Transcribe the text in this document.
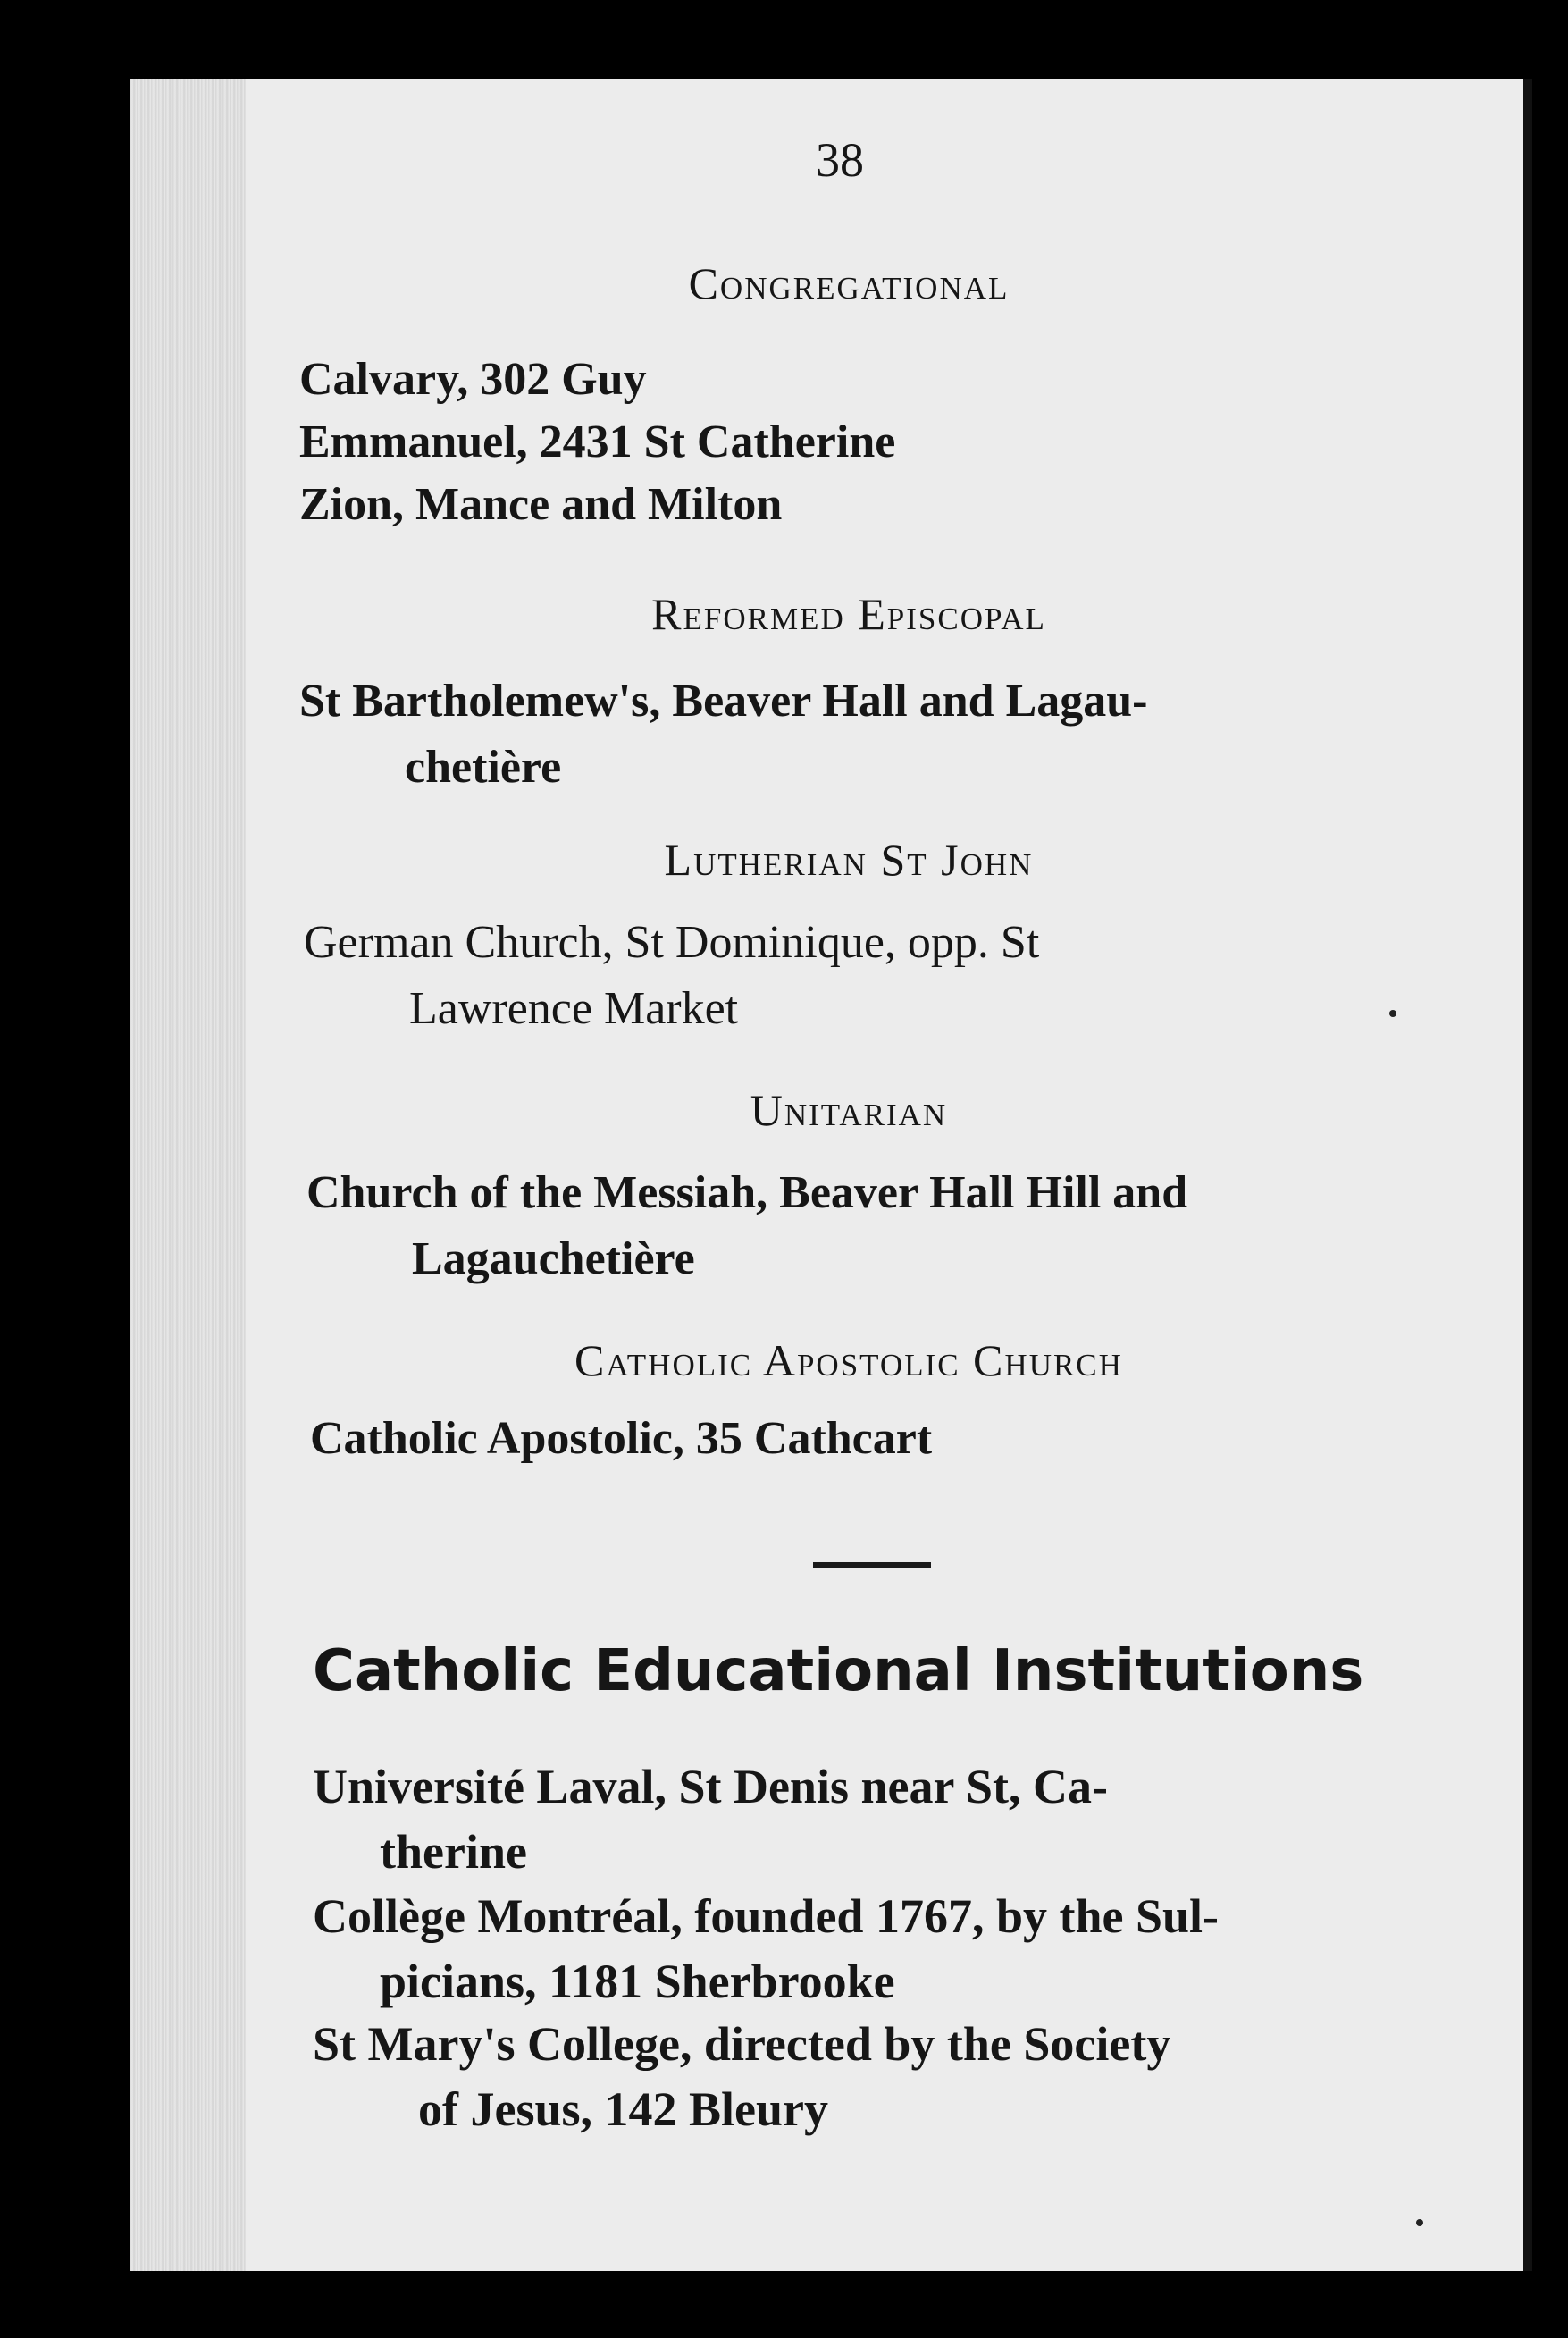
38
Congregational
Calvary, 302 Guy
Emmanuel, 2431 St Catherine
Zion, Mance and Milton
Reformed Episcopal
St Bartholemew's, Beaver Hall and Lagau-
chetière
Lutherian St John
German Church, St Dominique, opp. St
Lawrence Market
Unitarian
Church of the Messiah, Beaver Hall Hill and
Lagauchetière
Catholic Apostolic Church
Catholic Apostolic, 35 Cathcart
Catholic Educational Institutions
Université Laval, St Denis near St, Ca-
therine
Collège Montréal, founded 1767, by the Sul-
picians, 1181 Sherbrooke
St Mary's College, directed by the Society
of Jesus, 142 Bleury
